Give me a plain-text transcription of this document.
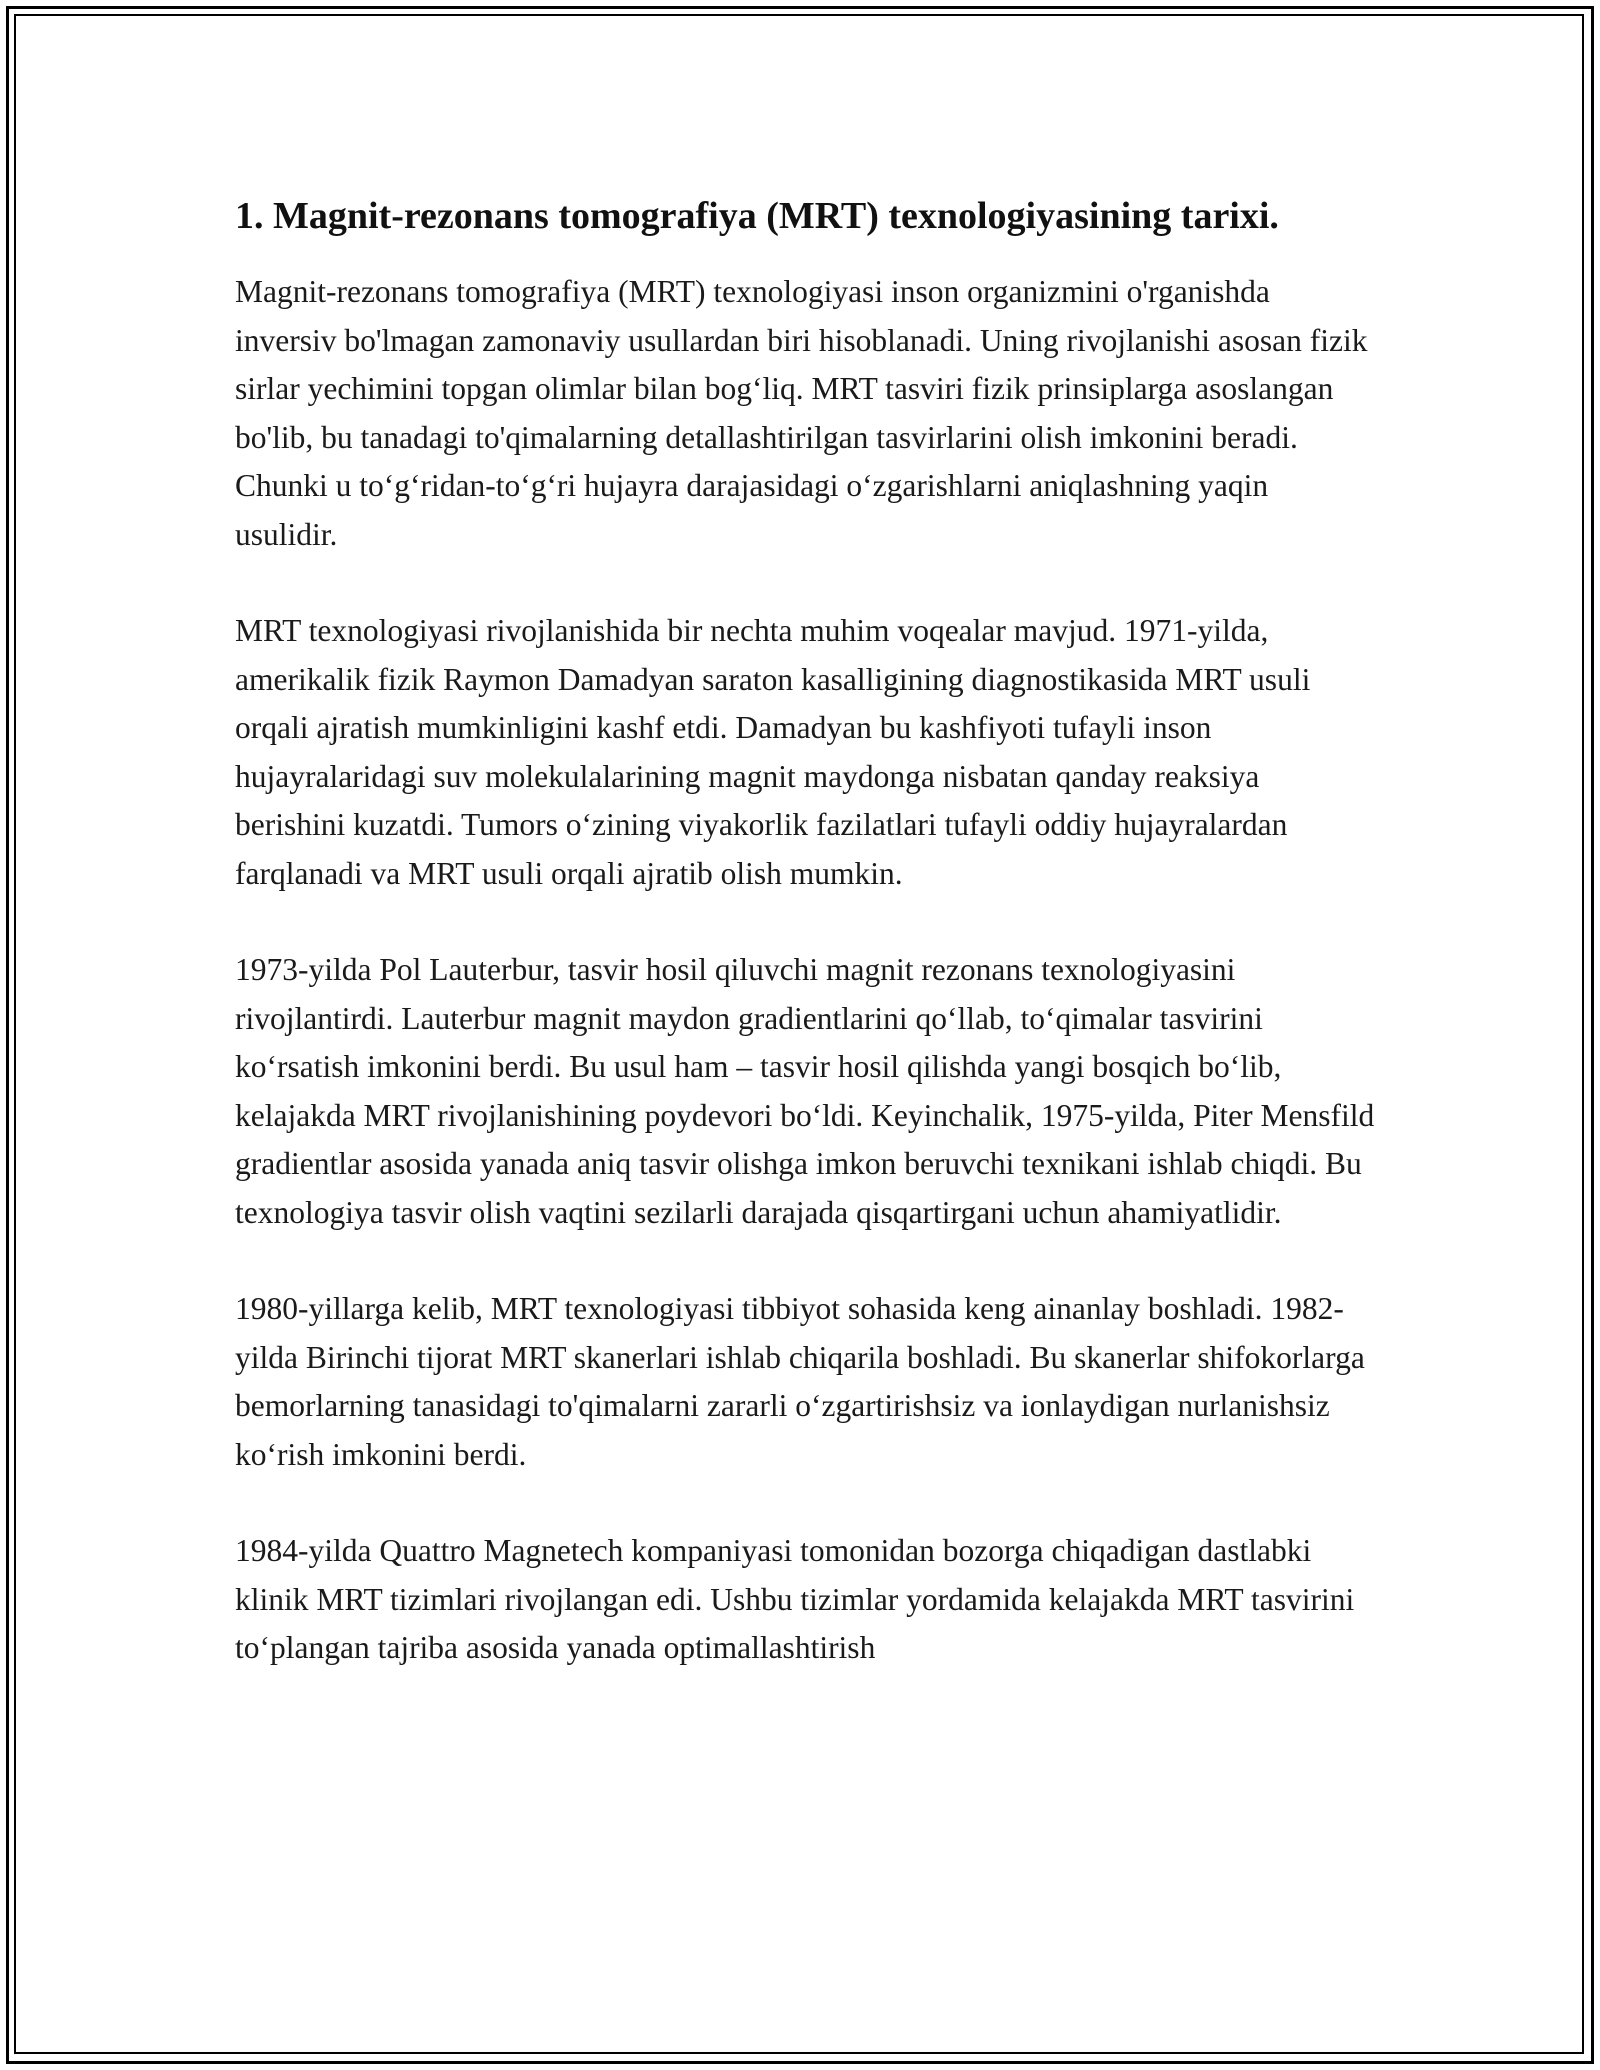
1. Magnit-rezonans tomografiya (MRT) texnologiyasining tarixi.

Magnit-rezonans tomografiya (MRT) texnologiyasi inson organizmini o'rganishda inversiv bo'lmagan zamonaviy usullardan biri hisoblanadi. Uning rivojlanishi asosan fizik sirlar yechimini topgan olimlar bilan bog‘liq. MRT tasviri fizik prinsiplarga asoslangan bo'lib, bu tanadagi to'qimalarning detallashtirilgan tasvirlarini olish imkonini beradi. Chunki u to‘g‘ridan-to‘g‘ri hujayra darajasidagi o‘zgarishlarni aniqlashning yaqin usulidir.

MRT texnologiyasi rivojlanishida bir nechta muhim voqealar mavjud. 1971-yilda, amerikalik fizik Raymon Damadyan saraton kasalligining diagnostikasida MRT usuli orqali ajratish mumkinligini kashf etdi. Damadyan bu kashfiyoti tufayli inson hujayralaridagi suv molekulalarining magnit maydonga nisbatan qanday reaksiya berishini kuzatdi. Tumors o‘zining viyakorlik fazilatlari tufayli oddiy hujayralardan farqlanadi va MRT usuli orqali ajratib olish mumkin.

1973-yilda Pol Lauterbur, tasvir hosil qiluvchi magnit rezonans texnologiyasini rivojlantirdi. Lauterbur magnit maydon gradientlarini qo‘llab, to‘qimalar tasvirini ko‘rsatish imkonini berdi. Bu usul ham – tasvir hosil qilishda yangi bosqich bo‘lib, kelajakda MRT rivojlanishining poydevori bo‘ldi. Keyinchalik, 1975-yilda, Piter Mensfild gradientlar asosida yanada aniq tasvir olishga imkon beruvchi texnikani ishlab chiqdi. Bu texnologiya tasvir olish vaqtini sezilarli darajada qisqartirgani uchun ahamiyatlidir.

1980-yillarga kelib, MRT texnologiyasi tibbiyot sohasida keng ainanlay boshladi. 1982-yilda Birinchi tijorat MRT skanerlari ishlab chiqarila boshladi. Bu skanerlar shifokorlarga bemorlarning tanasidagi to'qimalarni zararli o‘zgartirishsiz va ionlaydigan nurlanishsiz ko‘rish imkonini berdi.

1984-yilda Quattro Magnetech kompaniyasi tomonidan bozorga chiqadigan dastlabki klinik MRT tizimlari rivojlangan edi. Ushbu tizimlar yordamida kelajakda MRT tasvirini to‘plangan tajriba asosida yanada optimallashtirish
